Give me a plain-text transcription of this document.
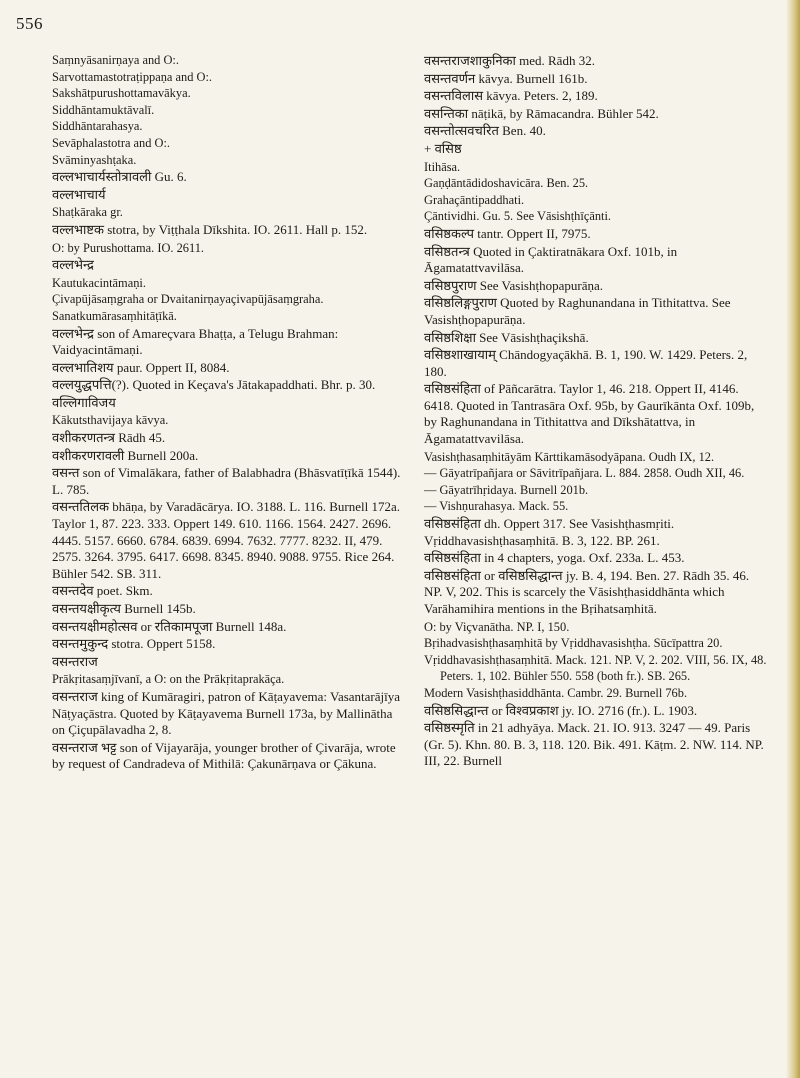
556

Saṃnyāsanirṇaya and O:.

Sarvottamastotraṭippaṇa and O:.

Sakshātpurushottamavākya.

Siddhāntamuktāvalī.

Siddhāntarahasya.

Sevāphalastotra and O:.

Svāminyashṭaka.

वल्लभाचार्यस्तोत्रावली Gu. 6.

वल्लभाचार्य

Shaṭkāraka gr.

वल्लभाष्टक stotra, by Viṭṭhala Dīkshita. IO. 2611. Hall p. 152.

O: by Purushottama. IO. 2611.

वल्लभेन्द्र

Kautukacintāmaṇi.

Çivapūjāsaṃgraha or Dvaitanirṇayaçivapūjāsaṃgraha.

Sanatkumārasaṃhitāṭīkā.

वल्लभेन्द्र son of Amareçvara Bhaṭṭa, a Telugu Brahman: Vaidyacintāmaṇi.

वल्लभातिशय paur. Oppert II, 8084.

वल्लयुद्धपत्ति(?). Quoted in Keçava's Jātakapaddhati. Bhr. p. 30.

वल्लिगाविजय

Kākutsthavijaya kāvya.

वशीकरणतन्त्र Rādh 45.

वशीकरणरावली Burnell 200a.

वसन्त son of Vimalākara, father of Balabhadra (Bhāsvatīṭīkā 1544). L. 785.

वसन्ततिलक bhāṇa, by Varadācārya. IO. 3188. L. 116. Burnell 172a. Taylor 1, 87. 223. 333. Oppert 149. 610. 1166. 1564. 2427. 2696. 4445. 5157. 6660. 6784. 6839. 6994. 7632. 7777. 8232. II, 479. 2575. 3264. 3795. 6417. 6698. 8345. 8940. 9088. 9755. Rice 264. Bühler 542. SB. 311.

वसन्तदेव poet. Skm.

वसन्तयक्षीकृत्य Burnell 145b.

वसन्तयक्षीमहोत्सव or रतिकामपूजा Burnell 148a.

वसन्तमुकुन्द stotra. Oppert 5158.

वसन्तराज

Prākṛitasaṃjīvanī, a O: on the Prākṛitaprakāça.

वसन्तराज king of Kumāragiri, patron of Kāṭayavema: Vasantarājīya Nāṭyaçāstra. Quoted by Kāṭayavema Burnell 173a, by Mallinātha on Çiçupālavadha 2, 8.

वसन्तराज भट्ट son of Vijayarāja, younger brother of Çivarāja, wrote by request of Candradeva of Mithilā: Çakunārṇava or Çākuna.

वसन्तराजशाकुनिका med. Rādh 32.

वसन्तवर्णन kāvya. Burnell 161b.

वसन्तविलास kāvya. Peters. 2, 189.

वसन्तिका nāṭikā, by Rāmacandra. Bühler 542.

वसन्तोत्सवचरित Ben. 40.

+ वसिष्ठ

Itihāsa.

Gaṇḍāntādidoshavicāra. Ben. 25.

Grahaçāntipaddhati.

Çāntividhi. Gu. 5. See Vāsishṭhīçānti.

वसिष्ठकल्प tantr. Oppert II, 7975.

वसिष्ठतन्त्र Quoted in Çaktiratnākara Oxf. 101b, in Āgamatattvavilāsa.

वसिष्ठपुराण See Vasishṭhopapurāṇa.

वसिष्ठलिङ्गपुराण Quoted by Raghunandana in Tithitattva. See Vasishṭhopapurāṇa.

वसिष्ठशिक्षा See Vāsishṭhaçikshā.

वसिष्ठशाखायाम् Chāndogyaçākhā. B. 1, 190. W. 1429. Peters. 2, 180.

वसिष्ठसंहिता of Pāñcarātra. Taylor 1, 46. 218. Oppert II, 4146. 6418. Quoted in Tantrasāra Oxf. 95b, by Gaurīkānta Oxf. 109b, by Raghunandana in Tithitattva and Dīkshātattva, in Āgamatattvavilāsa.

Vasishṭhasaṃhitāyām Kārttikamāsodyāpana. Oudh IX, 12.

— Gāyatrīpañjara or Sāvitrīpañjara. L. 884. 2858. Oudh XII, 46.

— Gāyatrīhṛidaya. Burnell 201b.

— Vishṇurahasya. Mack. 55.

वसिष्ठसंहिता dh. Oppert 317. See Vasishṭhasmṛiti. Vṛiddhavasishṭhasaṃhitā. B. 3, 122. BP. 261.

वसिष्ठसंहिता in 4 chapters, yoga. Oxf. 233a. L. 453.

वसिष्ठसंहिता or वसिष्ठसिद्धान्त jy. B. 4, 194. Ben. 27. Rādh 35. 46. NP. V, 202. This is scarcely the Vāsishṭhasiddhānta which Varāhamihira mentions in the Bṛihatsaṃhitā.

O: by Viçvanātha. NP. I, 150.

Bṛihadvasishṭhasaṃhitā by Vṛiddhavasishṭha. Sūcīpattra 20.

Vṛiddhavasishṭhasaṃhitā. Mack. 121. NP. V, 2. 202. VIII, 56. IX, 48. Peters. 1, 102. Bühler 550. 558 (both fr.). SB. 265.

Modern Vasishṭhasiddhānta. Cambr. 29. Burnell 76b.

वसिष्ठसिद्धान्त or विश्वप्रकाश jy. IO. 2716 (fr.). L. 1903.

वसिष्ठस्मृति in 21 adhyāya. Mack. 21. IO. 913. 3247 — 49. Paris (Gr. 5). Khn. 80. B. 3, 118. 120. Bik. 491. Kāṭm. 2. NW. 114. NP. III, 22. Burnell
